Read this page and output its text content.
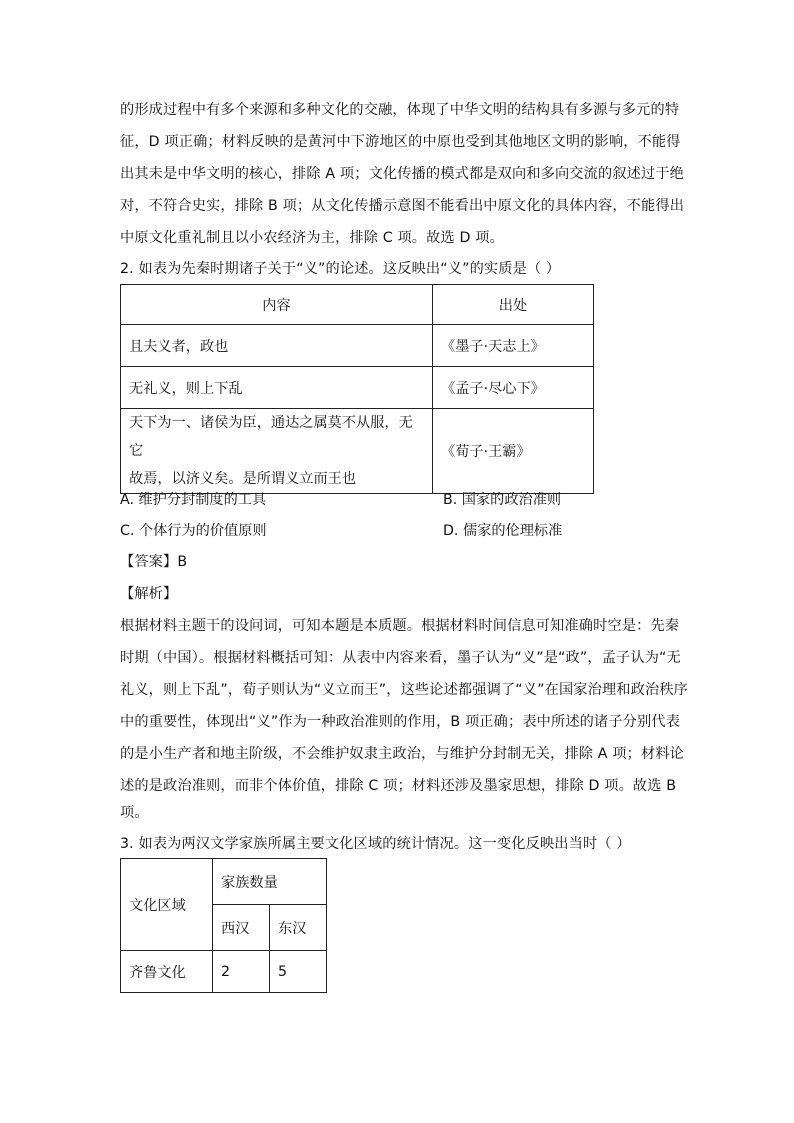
的形成过程中有多个来源和多种文化的交融，体现了中华文明的结构具有多源与多元的特
征，D 项正确；材料反映的是黄河中下游地区的中原也受到其他地区文明的影响，不能得
出其未是中华文明的核心，排除 A 项；文化传播的模式都是双向和多向交流的叙述过于绝
对，不符合史实，排除 B 项；从文化传播示意图不能看出中原文化的具体内容，不能得出
中原文化重礼制且以小农经济为主，排除 C 项。故选 D 项。
2. 如表为先秦时期诸子关于“义”的论述。这反映出“义”的实质是（ ）
内容	出处
且夫义者，政也	《墨子·天志上》
无礼义，则上下乱	《孟子·尽心下》

天下为一、诸侯为臣，通达之属莫不从服，无它
故焉，以济义矣。是所谓义立而王也	《荀子·王霸》
A. 维护分封制度的工具	B. 国家的政治准则
C. 个体行为的价值原则	D. 儒家的伦理标准
【答案】B
【解析】
根据材料主题干的设问词，可知本题是本质题。根据材料时间信息可知准确时空是：先秦
时期（中国）。根据材料概括可知：从表中内容来看，墨子认为“义”是“政”，孟子认为“无
礼义，则上下乱”，荀子则认为“义立而王”，这些论述都强调了“义”在国家治理和政治秩序
中的重要性，体现出“义”作为一种政治准则的作用，B 项正确；表中所述的诸子分别代表
的是小生产者和地主阶级，不会维护奴隶主政治，与维护分封制无关，排除 A 项；材料论
述的是政治准则，而非个体价值，排除 C 项；材料还涉及墨家思想，排除 D 项。故选 B
项。
3. 如表为两汉文学家族所属主要文化区域的统计情况。这一变化反映出当时（ ）
文化区域	家族数量	
	西汉	东汉
齐鲁文化	2	5
